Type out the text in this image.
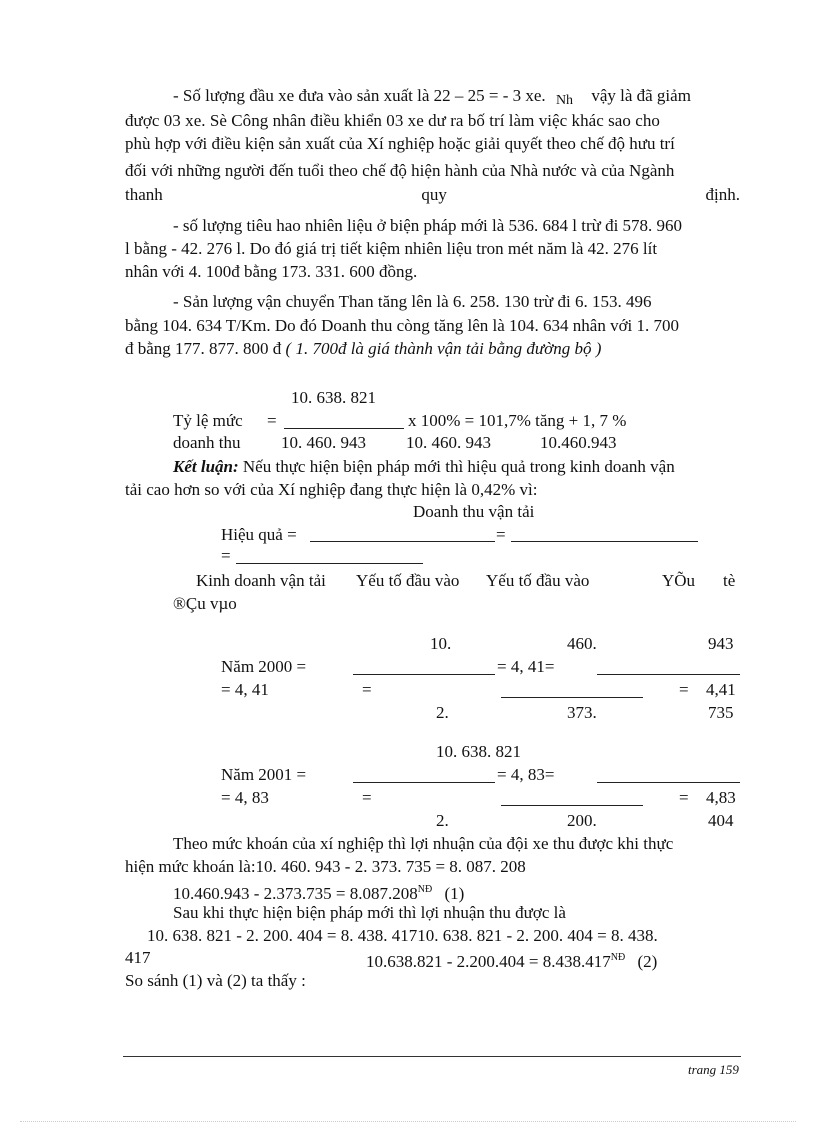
- Số lượng đầu xe đưa vào sản xuất là 22 – 25 = - 3 xe. Nh vậy là đã giảm
được 03 xe. Sè Công nhân điều khiển 03 xe dư ra bố trí làm việc khác sao cho
phù hợp với điều kiện sản xuất của Xí nghiệp hoặc giải quyết theo chế độ hưu trí
đối với những người đến tuổi theo chế độ hiện hành của Nhà nước và của Ngành
thanh	quy	định.
- số lượng tiêu hao nhiên liệu ở biện pháp mới là 536. 684 l trừ đi 578. 960
l bằng - 42. 276 l. Do đó giá trị tiết kiệm nhiên liệu tron mét năm là 42. 276 lít
nhân với 4. 100đ bằng 173. 331. 600 đồng.
- Sản lượng vận chuyển Than tăng lên là 6. 258. 130 trừ đi 6. 153. 496
bằng 104. 634 T/Km. Do đó Doanh thu còng tăng lên là 104. 634 nhân với 1. 700
đ bằng 177. 877. 800 đ ( 1. 700đ là giá thành vận tải bằng đường bộ )
10. 638. 821
Tỷ lệ mức =	x 100% = 101,7% tăng + 1, 7 %
doanh thu 10. 460. 943 10. 460. 943	10.460.943
Kết luận: Nếu thực hiện biện pháp mới thì hiệu quả trong kinh doanh vận
tải cao hơn so với của Xí nghiệp đang thực hiện là 0,42% vì:
Doanh thu vận tải
Hiệu quả =	=
=
Kinh doanh vận tải Yếu tố đầu vào Yếu tố đầu vào	YÕu tè
®Çu vµo
10.	460.	943
Năm 2000 =	= 4, 41=
= 4, 41	=	= 4,41
2.	373.	735
10. 638. 821
Năm 2001 =	= 4, 83=
= 4, 83	=	= 4,83
2.	200.	404
Theo mức khoán của xí nghiệp thì lợi nhuận của đội xe thu được khi thực
hiện mức khoán là:10. 460. 943 - 2. 373. 735 = 8. 087. 208
$10.460.943 - 2.373.735 = 8.087.208^{NĐ}$ (1)
Sau khi thực hiện biện pháp mới thì lợi nhuận thu được là
10. 638. 821 - 2. 200. 404 = 8. 438. 41710. 638. 821 - 2. 200. 404 = 8. 438.
417	$10.638.821 - 2.200.404 = 8.438.417^{NĐ}$ (2)
So sánh (1) và (2) ta thấy :
trang 159
